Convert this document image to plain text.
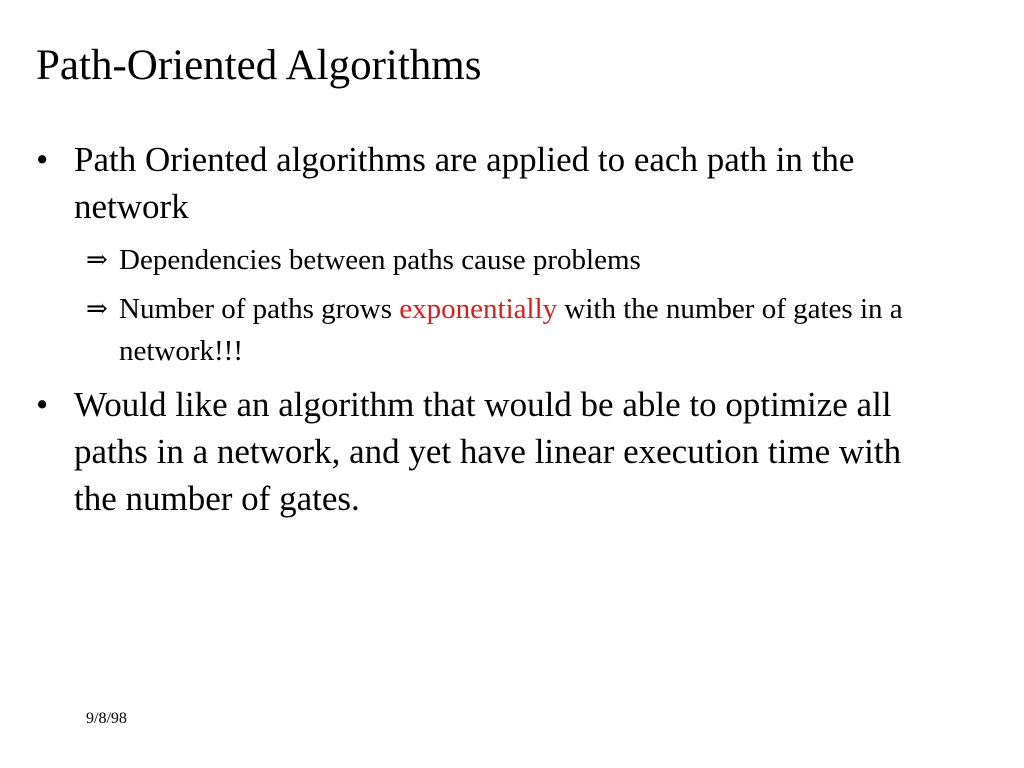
Path-Oriented Algorithms
• Path Oriented algorithms are applied to each path in the network
⇒ Dependencies between paths cause problems
⇒ Number of paths grows exponentially with the number of gates in a network!!!
• Would like an algorithm that would be able to optimize all paths in a network, and yet have linear execution time with the number of gates.
9/8/98
